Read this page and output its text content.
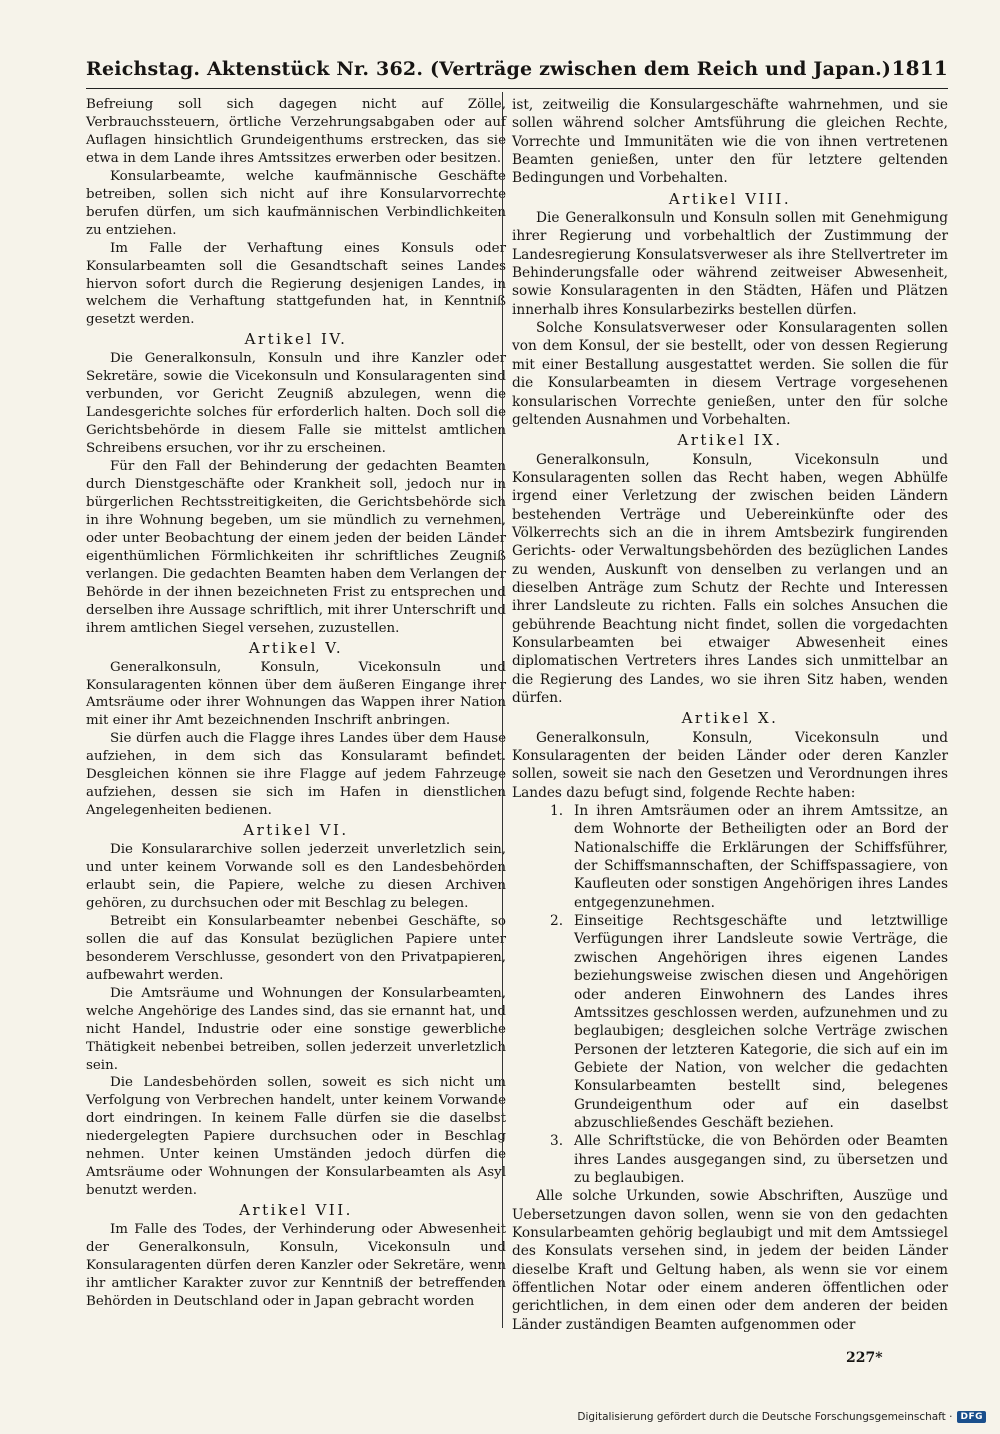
Reichstag. Aktenstück Nr. 362. (Verträge zwischen dem Reich und Japan.) 1811

Befreiung soll sich dagegen nicht auf Zölle, Verbrauchssteuern, örtliche Verzehrungsabgaben oder auf Auflagen hinsichtlich Grundeigenthums erstrecken, das sie etwa in dem Lande ihres Amtssitzes erwerben oder besitzen.

Konsularbeamte, welche kaufmännische Geschäfte betreiben, sollen sich nicht auf ihre Konsularvorrechte berufen dürfen, um sich kaufmännischen Verbindlichkeiten zu entziehen.

Im Falle der Verhaftung eines Konsuls oder Konsularbeamten soll die Gesandtschaft seines Landes hiervon sofort durch die Regierung desjenigen Landes, in welchem die Verhaftung stattgefunden hat, in Kenntniß gesetzt werden.

Artikel IV.

Die Generalkonsuln, Konsuln und ihre Kanzler oder Sekretäre, sowie die Vicekonsuln und Konsularagenten sind verbunden, vor Gericht Zeugniß abzulegen, wenn die Landesgerichte solches für erforderlich halten. Doch soll die Gerichtsbehörde in diesem Falle sie mittelst amtlichen Schreibens ersuchen, vor ihr zu erscheinen.

Für den Fall der Behinderung der gedachten Beamten durch Dienstgeschäfte oder Krankheit soll, jedoch nur in bürgerlichen Rechtsstreitigkeiten, die Gerichtsbehörde sich in ihre Wohnung begeben, um sie mündlich zu vernehmen, oder unter Beobachtung der einem jeden der beiden Länder eigenthümlichen Förmlichkeiten ihr schriftliches Zeugniß verlangen. Die gedachten Beamten haben dem Verlangen der Behörde in der ihnen bezeichneten Frist zu entsprechen und derselben ihre Aussage schriftlich, mit ihrer Unterschrift und ihrem amtlichen Siegel versehen, zuzustellen.

Artikel V.

Generalkonsuln, Konsuln, Vicekonsuln und Konsularagenten können über dem äußeren Eingange ihrer Amtsräume oder ihrer Wohnungen das Wappen ihrer Nation mit einer ihr Amt bezeichnenden Inschrift anbringen.

Sie dürfen auch die Flagge ihres Landes über dem Hause aufziehen, in dem sich das Konsularamt befindet. Desgleichen können sie ihre Flagge auf jedem Fahrzeuge aufziehen, dessen sie sich im Hafen in dienstlichen Angelegenheiten bedienen.

Artikel VI.

Die Konsulararchive sollen jederzeit unverletzlich sein, und unter keinem Vorwande soll es den Landesbehörden erlaubt sein, die Papiere, welche zu diesen Archiven gehören, zu durchsuchen oder mit Beschlag zu belegen.

Betreibt ein Konsularbeamter nebenbei Geschäfte, so sollen die auf das Konsulat bezüglichen Papiere unter besonderem Verschlusse, gesondert von den Privatpapieren, aufbewahrt werden.

Die Amtsräume und Wohnungen der Konsularbeamten, welche Angehörige des Landes sind, das sie ernannt hat, und nicht Handel, Industrie oder eine sonstige gewerbliche Thätigkeit nebenbei betreiben, sollen jederzeit unverletzlich sein.

Die Landesbehörden sollen, soweit es sich nicht um Verfolgung von Verbrechen handelt, unter keinem Vorwande dort eindringen. In keinem Falle dürfen sie die daselbst niedergelegten Papiere durchsuchen oder in Beschlag nehmen. Unter keinen Umständen jedoch dürfen die Amtsräume oder Wohnungen der Konsularbeamten als Asyl benutzt werden.

Artikel VII.

Im Falle des Todes, der Verhinderung oder Abwesenheit der Generalkonsuln, Konsuln, Vicekonsuln und Konsularagenten dürfen deren Kanzler oder Sekretäre, wenn ihr amtlicher Karakter zuvor zur Kenntniß der betreffenden Behörden in Deutschland oder in Japan gebracht worden

ist, zeitweilig die Konsulargeschäfte wahrnehmen, und sie sollen während solcher Amtsführung die gleichen Rechte, Vorrechte und Immunitäten wie die von ihnen vertretenen Beamten genießen, unter den für letztere geltenden Bedingungen und Vorbehalten.

Artikel VIII.

Die Generalkonsuln und Konsuln sollen mit Genehmigung ihrer Regierung und vorbehaltlich der Zustimmung der Landesregierung Konsulatsverweser als ihre Stellvertreter im Behinderungsfalle oder während zeitweiser Abwesenheit, sowie Konsularagenten in den Städten, Häfen und Plätzen innerhalb ihres Konsularbezirks bestellen dürfen.

Solche Konsulatsverweser oder Konsularagenten sollen von dem Konsul, der sie bestellt, oder von dessen Regierung mit einer Bestallung ausgestattet werden. Sie sollen die für die Konsularbeamten in diesem Vertrage vorgesehenen konsularischen Vorrechte genießen, unter den für solche geltenden Ausnahmen und Vorbehalten.

Artikel IX.

Generalkonsuln, Konsuln, Vicekonsuln und Konsularagenten sollen das Recht haben, wegen Abhülfe irgend einer Verletzung der zwischen beiden Ländern bestehenden Verträge und Uebereinkünfte oder des Völkerrechts sich an die in ihrem Amtsbezirk fungirenden Gerichts- oder Verwaltungsbehörden des bezüglichen Landes zu wenden, Auskunft von denselben zu verlangen und an dieselben Anträge zum Schutz der Rechte und Interessen ihrer Landsleute zu richten. Falls ein solches Ansuchen die gebührende Beachtung nicht findet, sollen die vorgedachten Konsularbeamten bei etwaiger Abwesenheit eines diplomatischen Vertreters ihres Landes sich unmittelbar an die Regierung des Landes, wo sie ihren Sitz haben, wenden dürfen.

Artikel X.

Generalkonsuln, Konsuln, Vicekonsuln und Konsularagenten der beiden Länder oder deren Kanzler sollen, soweit sie nach den Gesetzen und Verordnungen ihres Landes dazu befugt sind, folgende Rechte haben:

1. In ihren Amtsräumen oder an ihrem Amtssitze, an dem Wohnorte der Betheiligten oder an Bord der Nationalschiffe die Erklärungen der Schiffsführer, der Schiffsmannschaften, der Schiffspassagiere, von Kaufleuten oder sonstigen Angehörigen ihres Landes entgegenzunehmen.
2. Einseitige Rechtsgeschäfte und letztwillige Verfügungen ihrer Landsleute sowie Verträge, die zwischen Angehörigen ihres eigenen Landes beziehungsweise zwischen diesen und Angehörigen oder anderen Einwohnern des Landes ihres Amtssitzes geschlossen werden, aufzunehmen und zu beglaubigen; desgleichen solche Verträge zwischen Personen der letzteren Kategorie, die sich auf ein im Gebiete der Nation, von welcher die gedachten Konsularbeamten bestellt sind, belegenes Grundeigenthum oder auf ein daselbst abzuschließendes Geschäft beziehen.
3. Alle Schriftstücke, die von Behörden oder Beamten ihres Landes ausgegangen sind, zu übersetzen und zu beglaubigen.

Alle solche Urkunden, sowie Abschriften, Auszüge und Uebersetzungen davon sollen, wenn sie von den gedachten Konsularbeamten gehörig beglaubigt und mit dem Amtssiegel des Konsulats versehen sind, in jedem der beiden Länder dieselbe Kraft und Geltung haben, als wenn sie vor einem öffentlichen Notar oder einem anderen öffentlichen oder gerichtlichen, in dem einen oder dem anderen der beiden Länder zuständigen Beamten aufgenommen oder

227*
Digitalisierung gefördert durch die Deutsche Forschungsgemeinschaft · DFG
